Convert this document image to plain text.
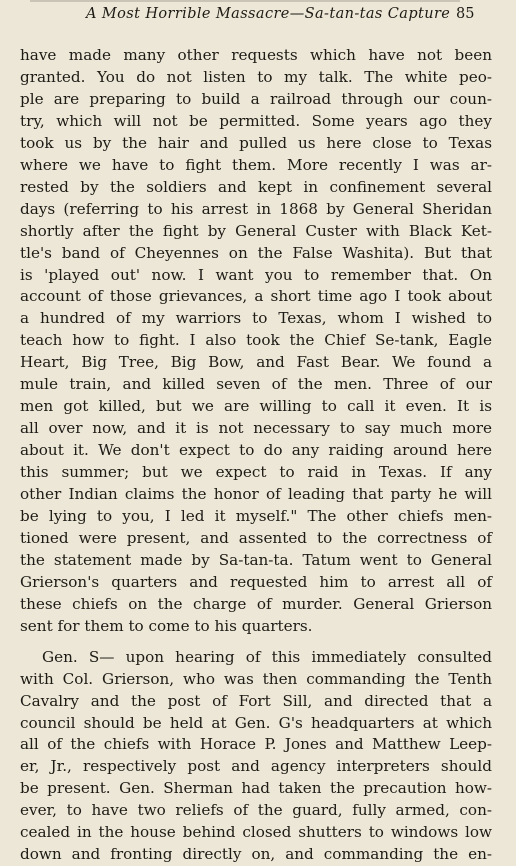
A Most Horrible Massacre—Sa-tan-tas Capture 85
have made many other requests which have not been
granted. You do not listen to my talk. The white peo-
ple are preparing to build a railroad through our coun-
try, which will not be permitted. Some years ago they
took us by the hair and pulled us here close to Texas
where we have to fight them. More recently I was ar-
rested by the soldiers and kept in confinement several
days (referring to his arrest in 1868 by General Sheridan
shortly after the fight by General Custer with Black Ket-
tle's band of Cheyennes on the False Washita). But that
is 'played out' now. I want you to remember that. On
account of those grievances, a short time ago I took about
a hundred of my warriors to Texas, whom I wished to
teach how to fight. I also took the Chief Se-tank, Eagle
Heart, Big Tree, Big Bow, and Fast Bear. We found a
mule train, and killed seven of the men. Three of our
men got killed, but we are willing to call it even. It is
all over now, and it is not necessary to say much more
about it. We don't expect to do any raiding around here
this summer; but we expect to raid in Texas. If any
other Indian claims the honor of leading that party he will
be lying to you, I led it myself." The other chiefs men-
tioned were present, and assented to the correctness of
the statement made by Sa-tan-ta. Tatum went to General
Grierson's quarters and requested him to arrest all of
these chiefs on the charge of murder. General Grierson
sent for them to come to his quarters.
Gen. S— upon hearing of this immediately consulted
with Col. Grierson, who was then commanding the Tenth
Cavalry and the post of Fort Sill, and directed that a
council should be held at Gen. G's headquarters at which
all of the chiefs with Horace P. Jones and Matthew Leep-
er, Jr., respectively post and agency interpreters should
be present. Gen. Sherman had taken the precaution how-
ever, to have two reliefs of the guard, fully armed, con-
cealed in the house behind closed shutters to windows low
down and fronting directly on, and commanding the en-
